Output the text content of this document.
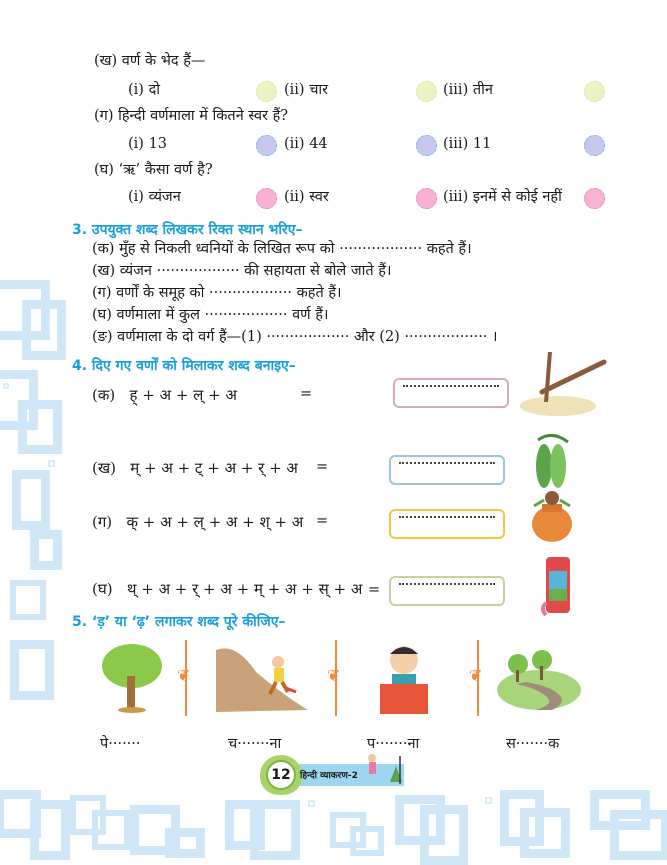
(ख) वर्ण के भेद हैं—
(i) दो	(ii) चार	(iii) तीन
(ग) हिन्दी वर्णमाला में कितने स्वर हैं?
(i) 13	(ii) 44	(iii) 11
(घ) ‘ऋ’ कैसा वर्ण है?
(i) व्यंजन	(ii) स्वर	(iii) इनमें से कोई नहीं
3. उपयुक्त शब्द लिखकर रिक्त स्थान भरिए–
(क) मुँह से निकली ध्वनियों के लिखित रूप को ·················· कहते हैं।
(ख) व्यंजन ·················· की सहायता से बोले जाते हैं।
(ग) वर्णों के समूह को ·················· कहते हैं।
(घ) वर्णमाला में कुल ·················· वर्ण हैं।
(ङ) वर्णमाला के दो वर्ग हैं—(1) ·················· और (2) ·················· ।
4. दिए गए वर्णों को मिलाकर शब्द बनाइए–
(क) ह् + अ + ल् + अ	=
(ख) म् + अ + ट् + अ + र् + अ =
(ग) क् + अ + ल् + अ + श् + अ =
(घ) थ् + अ + र् + अ + म् + अ + स् + अ =
5. ‘ड़’ या ‘ढ़’ लगाकर शब्द पूरे कीजिए–
❦	❦	❦
पे·······	च·······ना	प·······ना	स·······क
12	हिन्दी व्याकरण-2
